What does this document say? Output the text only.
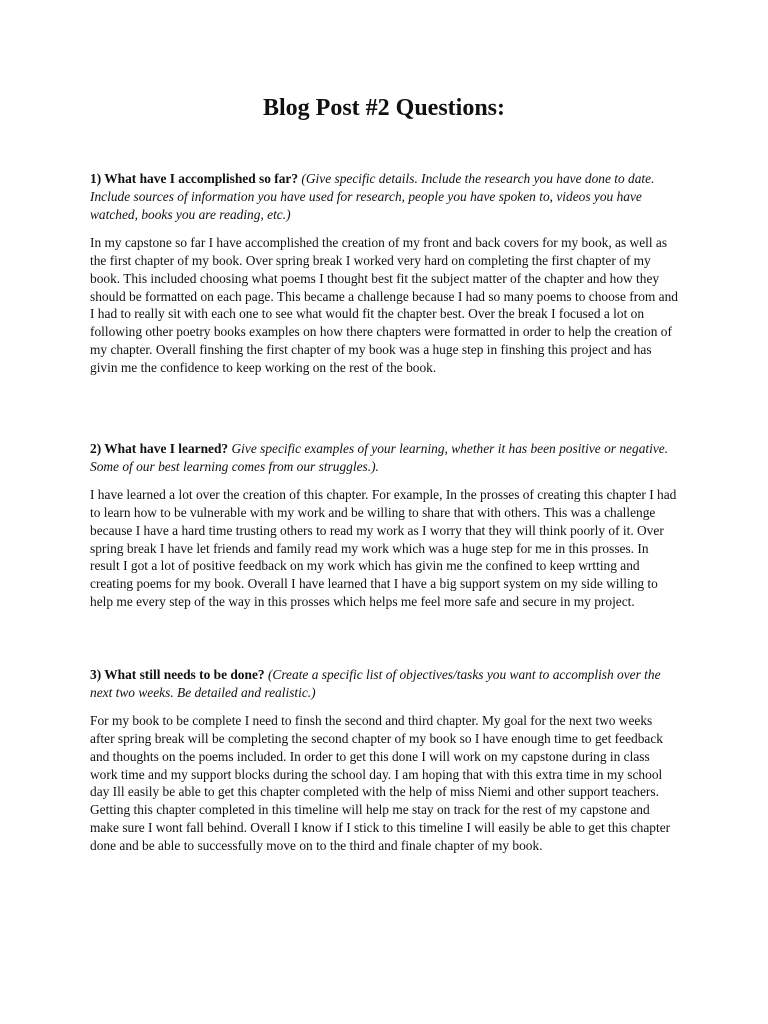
Blog Post #2 Questions:

1) What have I accomplished so far? (Give specific details. Include the research you have done to date. Include sources of information you have used for research, people you have spoken to, videos you have watched, books you are reading, etc.)

In my capstone so far I have accomplished the creation of my front and back covers for my book, as well as the first chapter of my book. Over spring break I worked very hard on completing the first chapter of my book. This included choosing what poems I thought best fit the subject matter of the chapter and how they should be formatted on each page. This became a challenge because I had so many poems to choose from and I had to really sit with each one to see what would fit the chapter best. Over the break I focused a lot on following other poetry books examples on how there chapters were formatted in order to help the creation of my chapter. Overall finshing the first chapter of my book was a huge step in finshing this project and has givin me the confidence to keep working on the rest of the book.

2) What have I learned? Give specific examples of your learning, whether it has been positive or negative. Some of our best learning comes from our struggles.).

I have learned a lot over the creation of this chapter. For example, In the prosses of creating this chapter I had to learn how to be vulnerable with my work and be willing to share that with others. This was a challenge because I have a hard time trusting others to read my work as I worry that they will think poorly of it. Over spring break I have let friends and family read my work which was a huge step for me in this prosses. In result I got a lot of positive feedback on my work which has givin me the confined to keep wrtting and creating poems for my book. Overall I have learned that I have a big support system on my side willing to help me every step of the way in this prosses which helps me feel more safe and secure in my project.

3) What still needs to be done? (Create a specific list of objectives/tasks you want to accomplish over the next two weeks. Be detailed and realistic.)

For my book to be complete I need to finsh the second and third chapter. My goal for the next two weeks after spring break will be completing the second chapter of my book so I have enough time to get feedback and thoughts on the poems included. In order to get this done I will work on my capstone during in class work time and my support blocks during the school day. I am hoping that with this extra time in my school day Ill easily be able to get this chapter completed with the help of miss Niemi and other support teachers. Getting this chapter completed in this timeline will help me stay on track for the rest of my capstone and make sure I wont fall behind. Overall I know if I stick to this timeline I will easily be able to get this chapter done and be able to successfully move on to the third and finale chapter of my book.
